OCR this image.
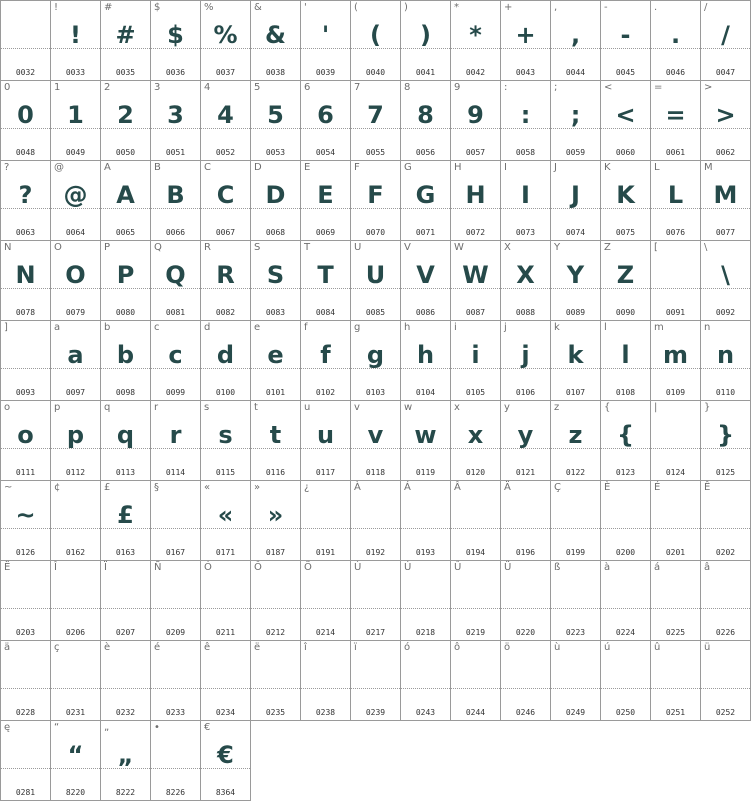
0032
!
!
0033
#
#
0035
$
$
0036
%
%
0037
&
&
0038
'
'
0039
(
(
0040
)
)
0041
*
*
0042
+
+
0043
,
,
0044
-
-
0045
.
.
0046
/
/
0047
0
0
0048
1
1
0049
2
2
0050
3
3
0051
4
4
0052
5
5
0053
6
6
0054
7
7
0055
8
8
0056
9
9
0057
:
:
0058
;
;
0059
<
<
0060
=
=
0061
>
>
0062
?
?
0063
@
@
0064
A
A
0065
B
B
0066
C
C
0067
D
D
0068
E
E
0069
F
F
0070
G
G
0071
H
H
0072
I
I
0073
J
J
0074
K
K
0075
L
L
0076
M
M
0077
N
N
0078
O
O
0079
P
P
0080
Q
Q
0081
R
R
0082
S
S
0083
T
T
0084
U
U
0085
V
V
0086
W
W
0087
X
X
0088
Y
Y
0089
Z
Z
0090
[
0091
\
\
0092
]
0093
a
a
0097
b
b
0098
c
c
0099
d
d
0100
e
e
0101
f
f
0102
g
g
0103
h
h
0104
i
i
0105
j
j
0106
k
k
0107
l
l
0108
m
m
0109
n
n
0110
o
o
0111
p
p
0112
q
q
0113
r
r
0114
s
s
0115
t
t
0116
u
u
0117
v
v
0118
w
w
0119
x
x
0120
y
y
0121
z
z
0122
{
{
0123
|
0124
}
}
0125
~
~
0126
¢
0162
£
£
0163
§
0167
«
«
0171
»
»
0187
¿
0191
À
0192
Á
0193
Â
0194
Ä
0196
Ç
0199
È
0200
É
0201
Ê
0202
Ë
0203
Î
0206
Ï
0207
Ñ
0209
Ó
0211
Ô
0212
Ö
0214
Ù
0217
Ú
0218
Û
0219
Ü
0220
ß
0223
à
0224
á
0225
â
0226
ä
0228
ç
0231
è
0232
é
0233
ê
0234
ë
0235
î
0238
ï
0239
ó
0243
ô
0244
ö
0246
ù
0249
ú
0250
û
0251
ü
0252
ę
0281
“
“
8220
„
„
8222
•
8226
€
€
8364
